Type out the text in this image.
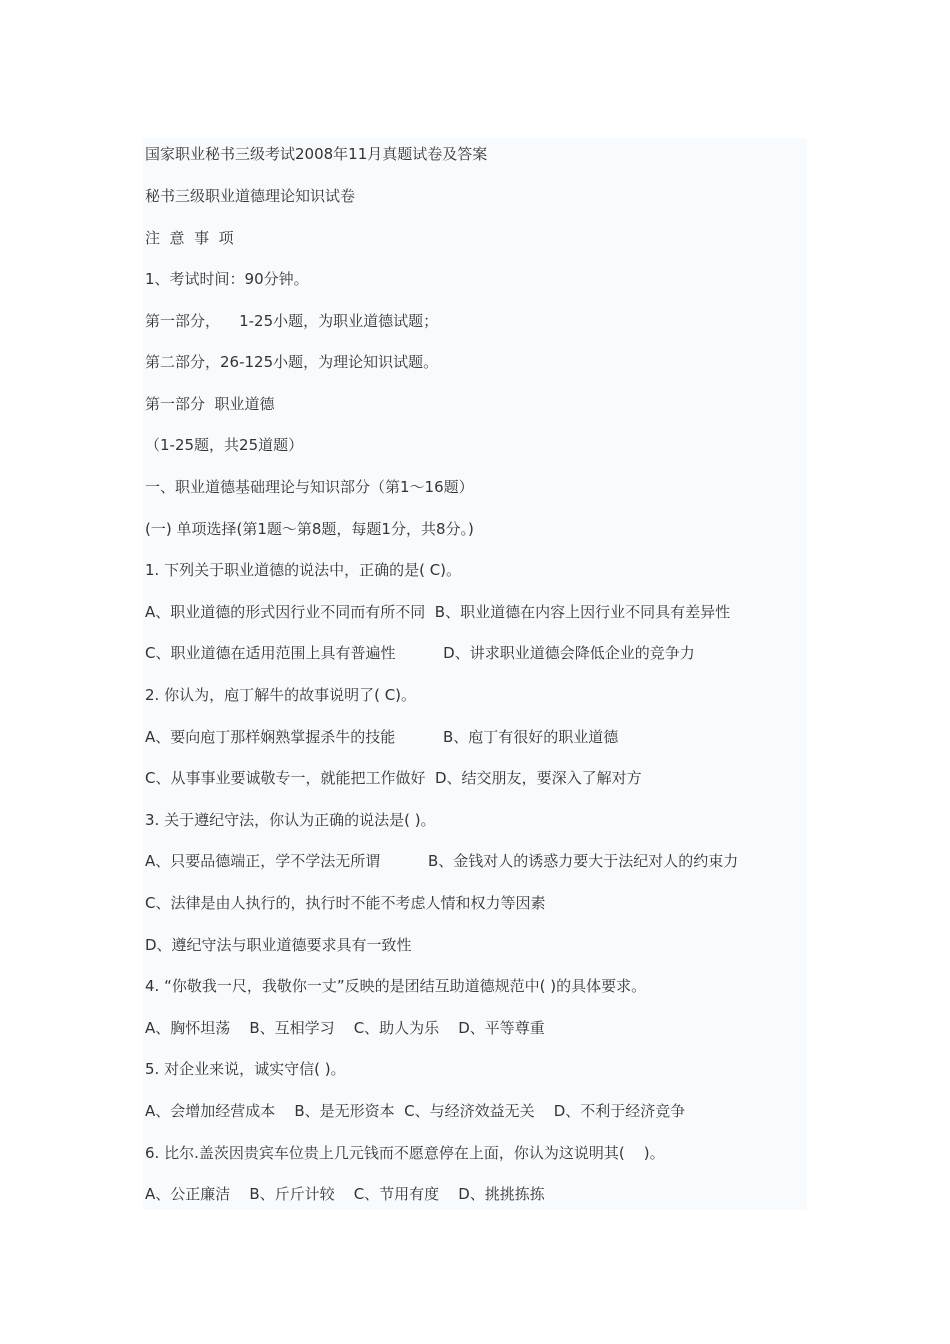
国家职业秘书三级考试2008年11月真题试卷及答案
秘书三级职业道德理论知识试卷
注  意  事  项
1、考试时间：90分钟。
第一部分，    1-25小题，为职业道德试题；
第二部分，26-125小题，为理论知识试题。
第一部分  职业道德
（1-25题，共25道题）
一、职业道德基础理论与知识部分（第1～16题）
(一) 单项选择(第1题～第8题，每题1分，共8分。)
1. 下列关于职业道德的说法中，正确的是( C)。
A、职业道德的形式因行业不同而有所不同  B、职业道德在内容上因行业不同具有差异性
C、职业道德在适用范围上具有普遍性          D、讲求职业道德会降低企业的竞争力
2. 你认为，庖丁解牛的故事说明了( C)。
A、要向庖丁那样娴熟掌握杀牛的技能          B、庖丁有很好的职业道德
C、从事事业要诚敬专一，就能把工作做好  D、结交朋友，要深入了解对方
3. 关于遵纪守法，你认为正确的说法是( )。
A、只要品德端正，学不学法无所谓          B、金钱对人的诱惑力要大于法纪对人的约束力
C、法律是由人执行的，执行时不能不考虑人情和权力等因素
D、遵纪守法与职业道德要求具有一致性
4. “你敬我一尺，我敬你一丈”反映的是团结互助道德规范中( )的具体要求。
A、胸怀坦荡    B、互相学习    C、助人为乐    D、平等尊重
5. 对企业来说，诚实守信( )。
A、会增加经营成本    B、是无形资本  C、与经济效益无关    D、不利于经济竞争
6. 比尔.盖茨因贵宾车位贵上几元钱而不愿意停在上面，你认为这说明其(    )。
A、公正廉洁    B、斤斤计较    C、节用有度    D、挑挑拣拣
